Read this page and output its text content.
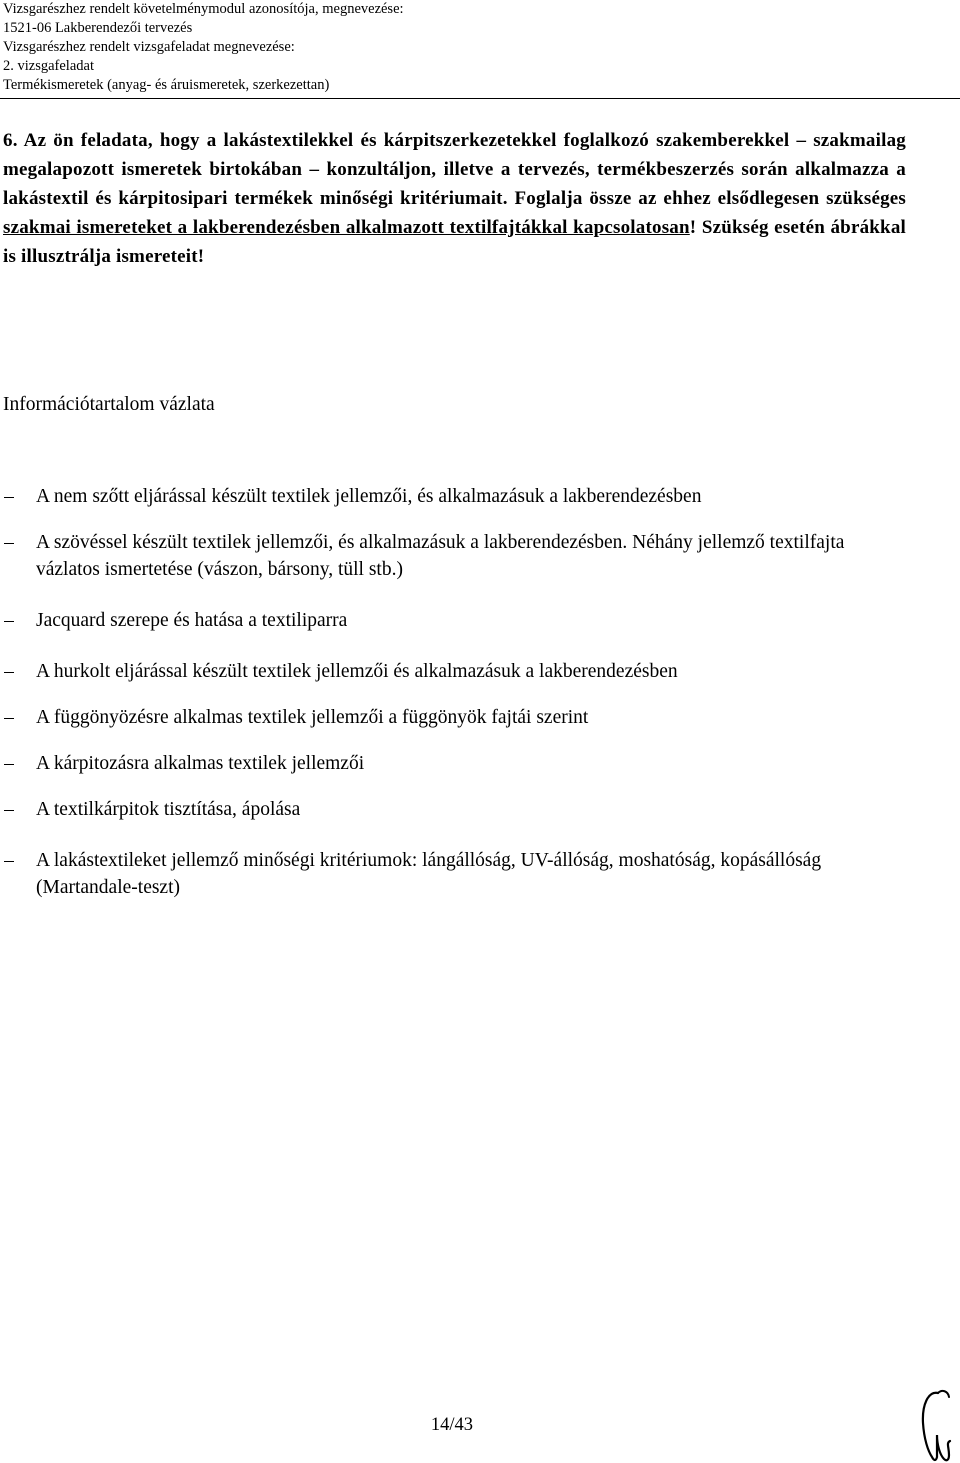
Vizsgarészhez rendelt követelménymodul azonosítója, megnevezése:
1521-06 Lakberendezői tervezés
Vizsgarészhez rendelt vizsgafeladat megnevezése:
2. vizsgafeladat
Termékismeretek (anyag- és áruismeretek, szerkezettan)
6. Az ön feladata, hogy a lakástextilekkel és kárpitszerkezetekkel foglalkozó szakemberekkel – szakmailag megalapozott ismeretek birtokában – konzultáljon, illetve a tervezés, termékbeszerzés során alkalmazza a lakástextil és kárpitosipari termékek minőségi kritériumait. Foglalja össze az ehhez elsődlegesen szükséges szakmai ismereteket a lakberendezésben alkalmazott textilfajtákkal kapcsolatosan! Szükség esetén ábrákkal is illusztrálja ismereteit!
Információtartalom vázlata
– A nem szőtt eljárással készült textilek jellemzői, és alkalmazásuk a lakberendezésben
– A szövéssel készült textilek jellemzői, és alkalmazásuk a lakberendezésben. Néhány jellemző textilfajta vázlatos ismertetése (vászon, bársony, tüll stb.)
– Jacquard szerepe és hatása a textiliparra
– A hurkolt eljárással készült textilek jellemzői és alkalmazásuk a lakberendezésben
– A függönyözésre alkalmas textilek jellemzői a függönyök fajtái szerint
– A kárpitozásra alkalmas textilek jellemzői
– A textilkárpitok tisztítása, ápolása
– A lakástextileket jellemző minőségi kritériumok: lángállóság, UV-állóság, moshatóság, kopásállóság (Martandale-teszt)
14/43
